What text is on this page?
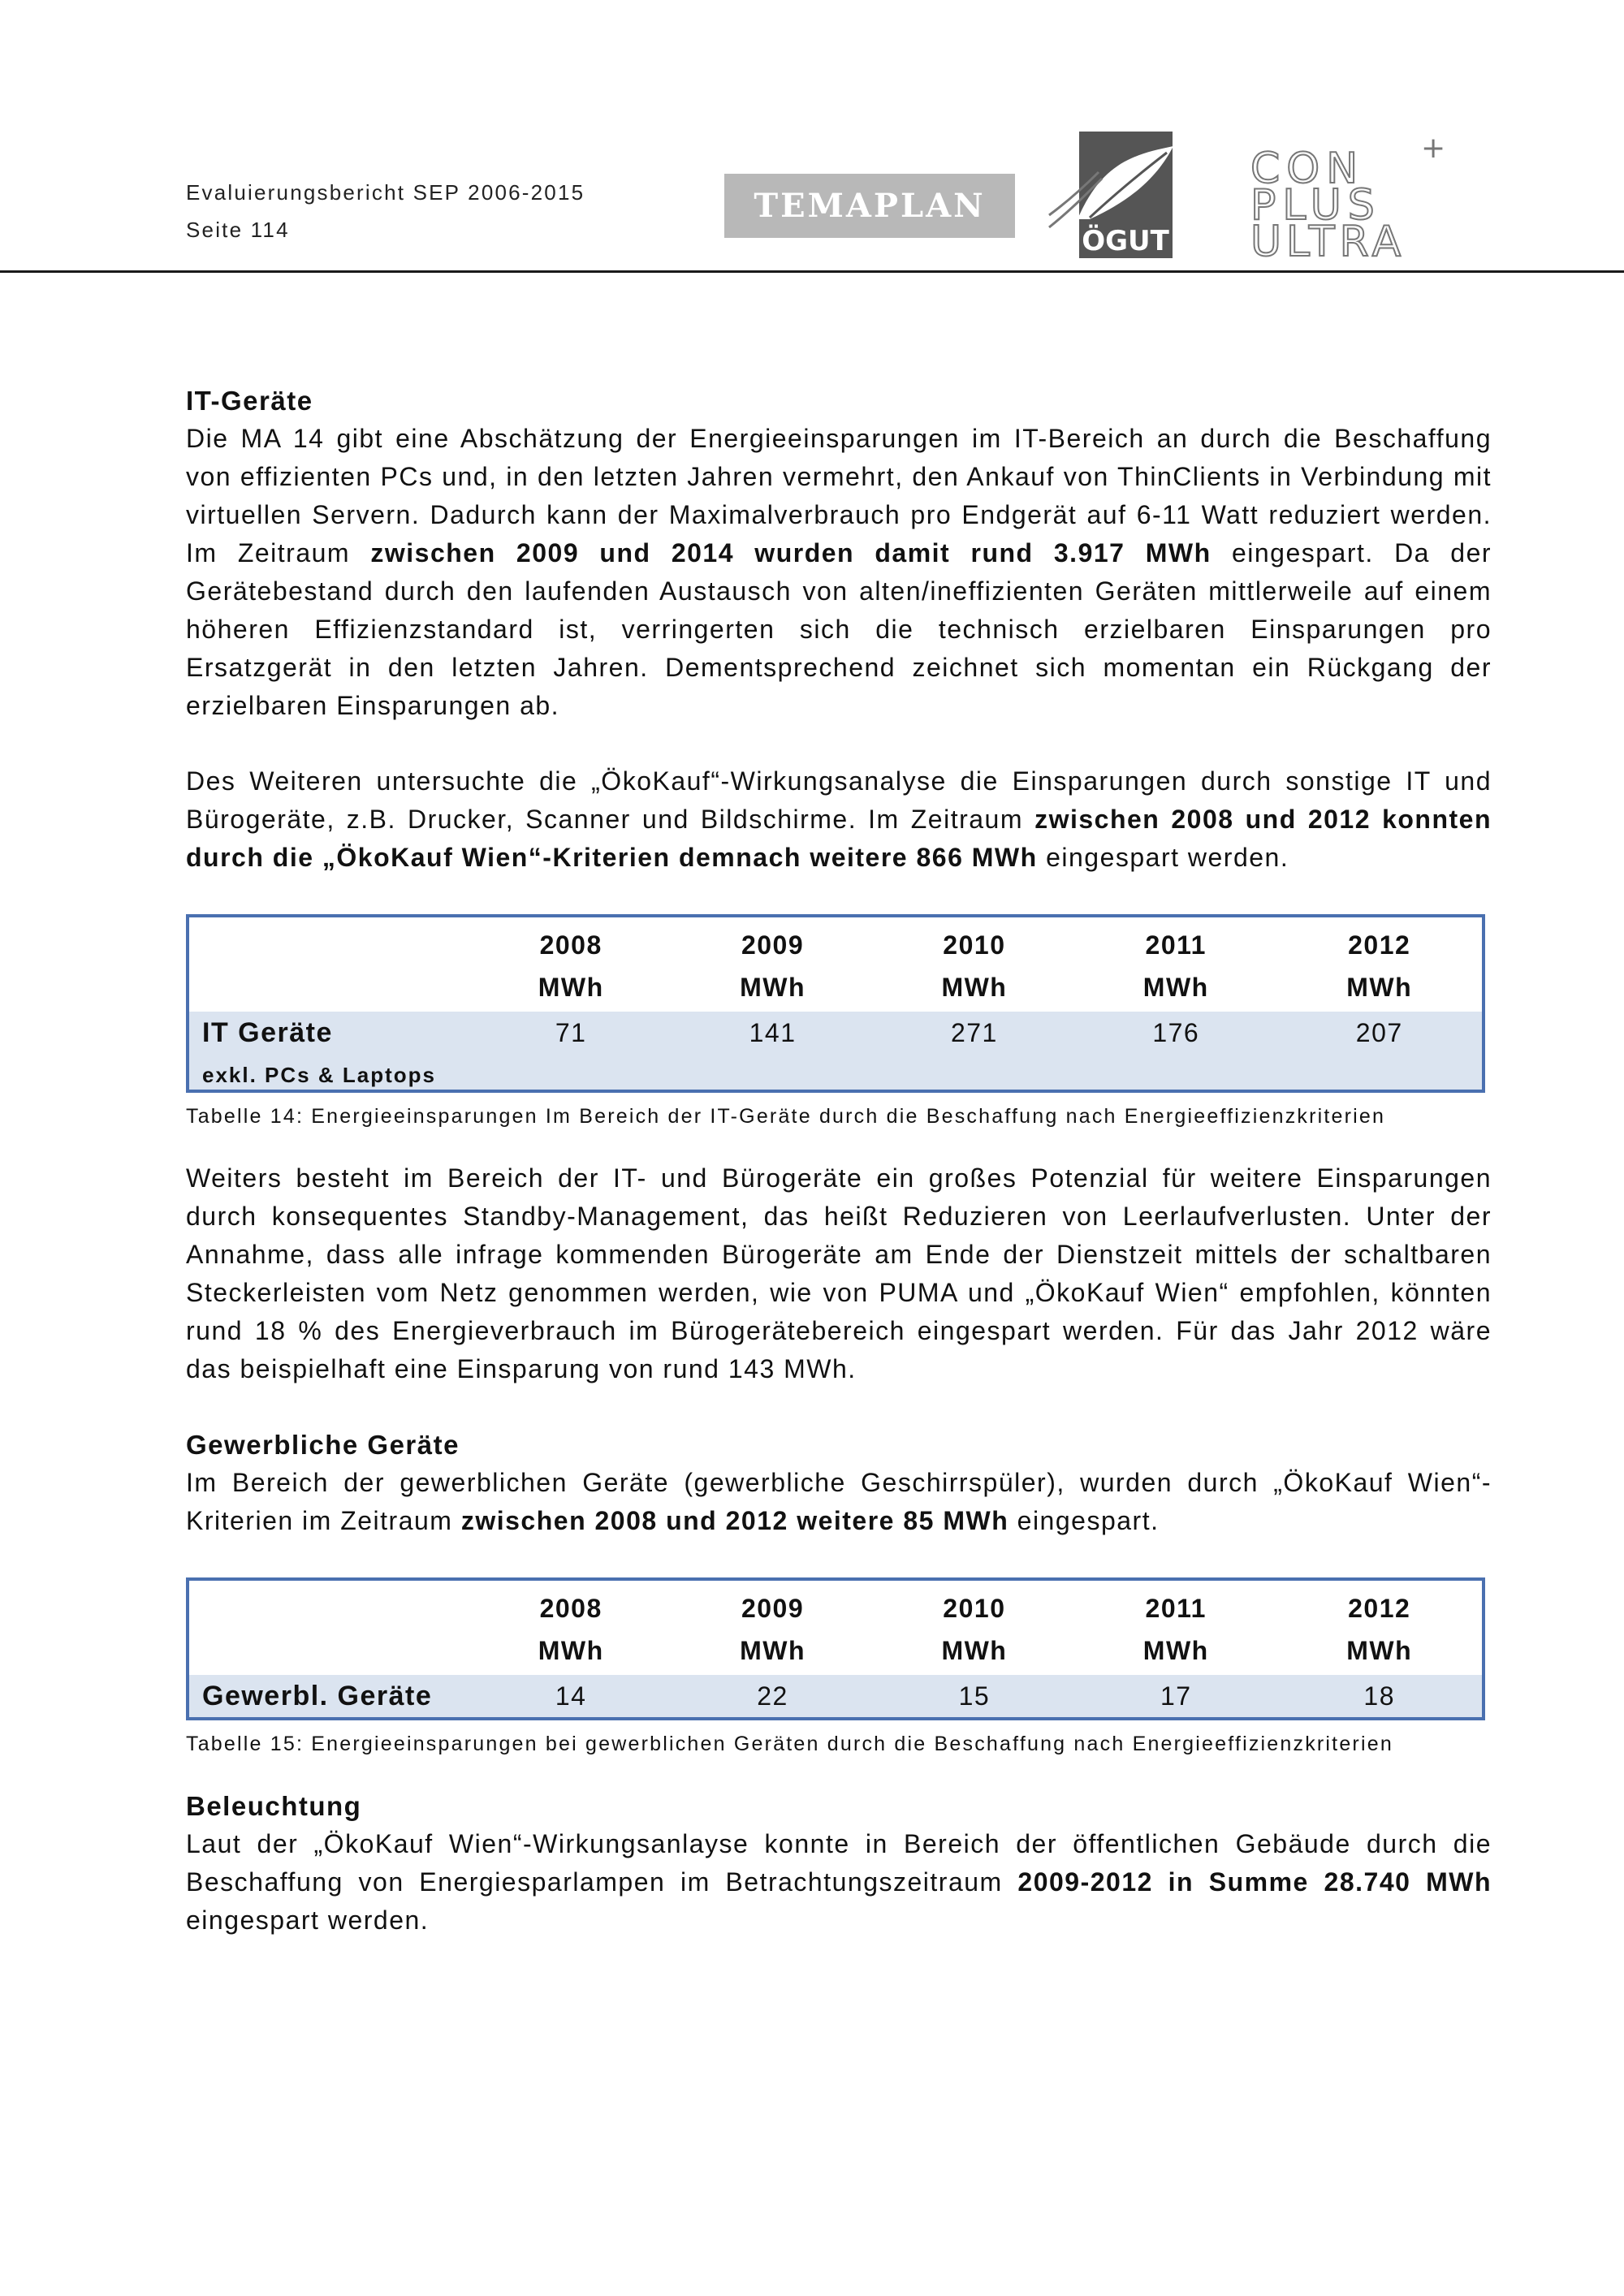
Evaluierungsbericht SEP 2006-2015
Seite 114
TEMAPLAN
ÖGUT
CON
PLUS
ULTRA
+
IT-Geräte

Die MA 14 gibt eine Abschätzung der Energieeinsparungen im IT-Bereich an durch die Beschaffung von effizienten PCs und, in den letzten Jahren vermehrt, den Ankauf von ThinClients in Verbindung mit virtuellen Servern. Dadurch kann der Maximalverbrauch pro Endgerät auf 6-11 Watt reduziert werden. Im Zeitraum zwischen 2009 und 2014 wurden damit rund 3.917 MWh eingespart. Da der Gerätebestand durch den laufenden Austausch von alten/ineffizienten Geräten mittlerweile auf einem höheren Effizienzstandard ist, verringerten sich die technisch erzielbaren Einsparungen pro Ersatzgerät in den letzten Jahren. Dementsprechend zeichnet sich momentan ein Rückgang der erzielbaren Einsparungen ab.

Des Weiteren untersuchte die „ÖkoKauf“-Wirkungsanalyse die Einsparungen durch sonstige IT und Bürogeräte, z.B. Drucker, Scanner und Bildschirme. Im Zeitraum zwischen 2008 und 2012 konnten durch die „ÖkoKauf Wien“-Kriterien demnach weitere 866 MWh eingespart werden.

	2008	2009	2010	2011	2012
	MWh	MWh	MWh	MWh	MWh
IT Geräte	71	141	271	176	207
exkl. PCs & Laptops					
Tabelle 14: Energieeinsparungen Im Bereich der IT-Geräte durch die Beschaffung nach Energieeffizienzkriterien

Weiters besteht im Bereich der IT- und Bürogeräte ein großes Potenzial für weitere Einsparungen durch konsequentes Standby-Management, das heißt Reduzieren von Leerlaufverlusten. Unter der Annahme, dass alle infrage kommenden Bürogeräte am Ende der Dienstzeit mittels der schaltbaren Steckerleisten vom Netz genommen werden, wie von PUMA und „ÖkoKauf Wien“ empfohlen, könnten rund 18 % des Energieverbrauch im Bürogerätebereich eingespart werden. Für das Jahr 2012 wäre das beispielhaft eine Einsparung von rund 143 MWh.

Gewerbliche Geräte

Im Bereich der gewerblichen Geräte (gewerbliche Geschirrspüler), wurden durch „ÖkoKauf Wien“-Kriterien im Zeitraum zwischen 2008 und 2012 weitere 85 MWh eingespart.

	2008	2009	2010	2011	2012
	MWh	MWh	MWh	MWh	MWh
Gewerbl. Geräte	14	22	15	17	18
Tabelle 15: Energieeinsparungen bei gewerblichen Geräten durch die Beschaffung nach Energieeffizienzkriterien
Beleuchtung

Laut der „ÖkoKauf Wien“-Wirkungsanlayse konnte in Bereich der öffentlichen Gebäude durch die Beschaffung von Energiesparlampen im Betrachtungszeitraum 2009-2012 in Summe 28.740 MWh eingespart werden.
